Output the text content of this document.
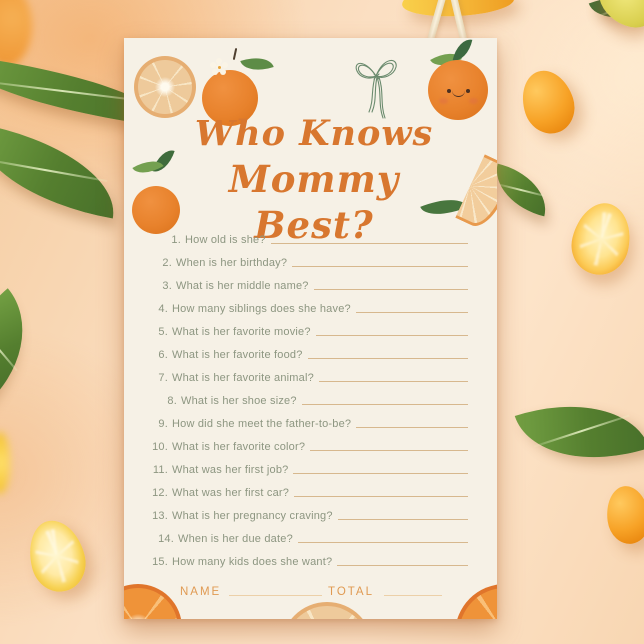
Who Knows
Mommy Best?
1. How old is she?
2. When is her birthday?
3. What is her middle name?
4. How many siblings does she have?
5. What is her favorite movie?
6. What is her favorite food?
7. What is her favorite animal?
8. What is her shoe size?
9. How did she meet the father-to-be?
10. What is her favorite color?
11. What was her first job?
12. What was her first car?
13. What is her pregnancy craving?
14. When is her due date?
15. How many kids does she want?
NAME	TOTAL
